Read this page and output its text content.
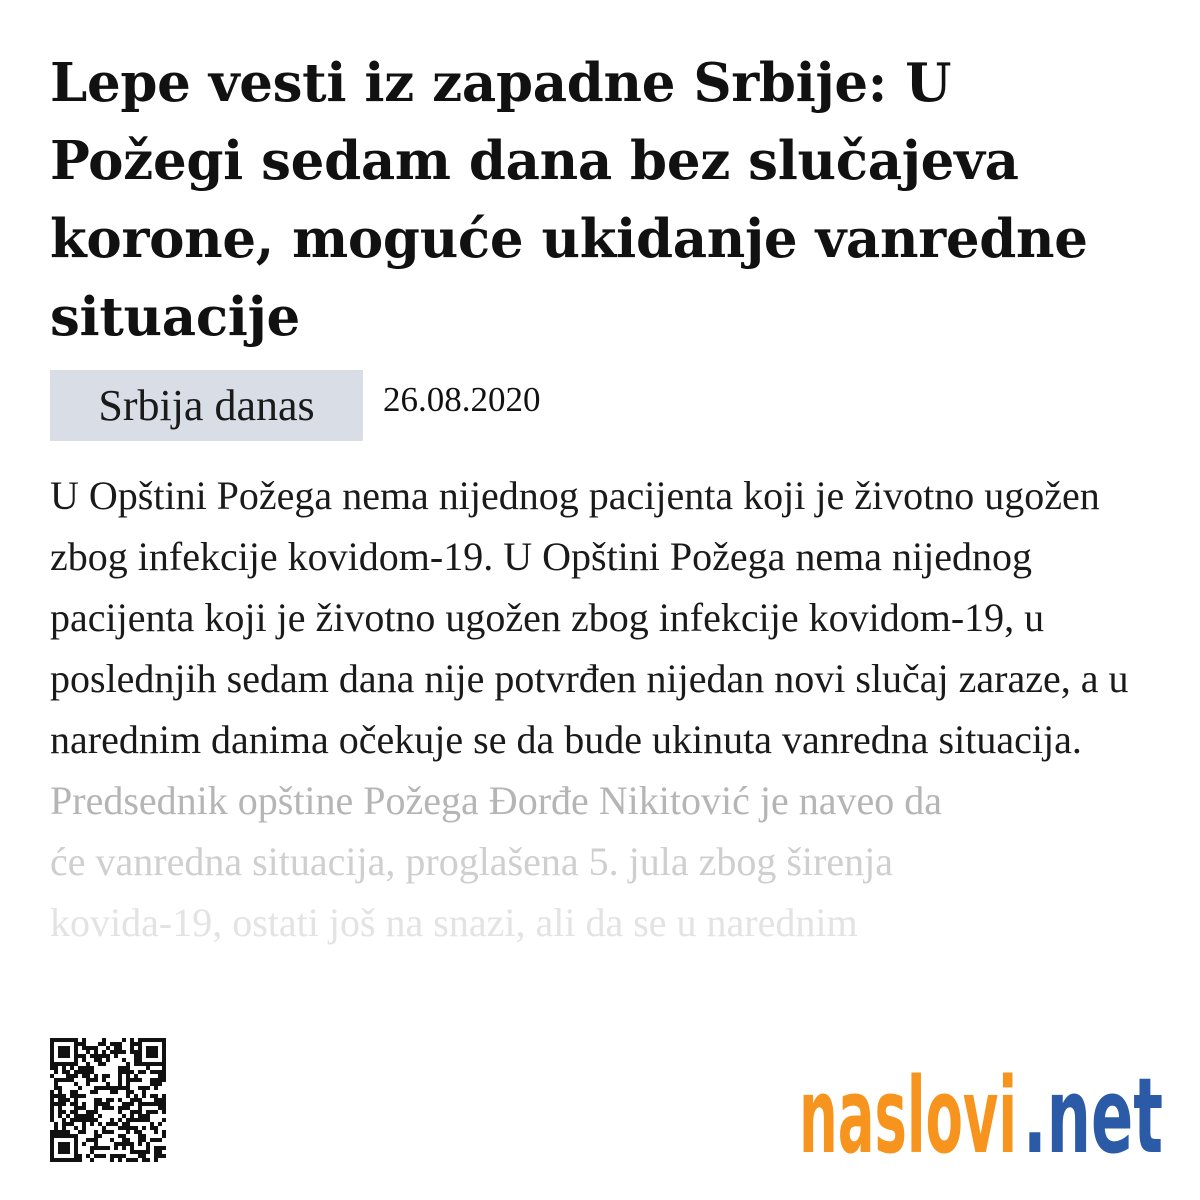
Lepe vesti iz zapadne Srbije: U Požegi sedam dana bez slučajeva korone, moguće ukidanje vanredne situacije
Srbija danas	26.08.2020
U Opštini Požega nema nijednog pacijenta koji je životno ugožen zbog infekcije kovidom-19. U Opštini Požega nema nijednog pacijenta koji je životno ugožen zbog infekcije kovidom-19, u poslednjih sedam dana nije potvrđen nijedan novi slučaj zaraze, a u narednim danima očekuje se da bude ukinuta vanredna situacija.
Predsednik opštine Požega Đorđe Nikitović je naveo da
će vanredna situacija, proglašena 5. jula zbog širenja
kovida-19, ostati još na snazi, ali da se u narednim
naslovi .net
